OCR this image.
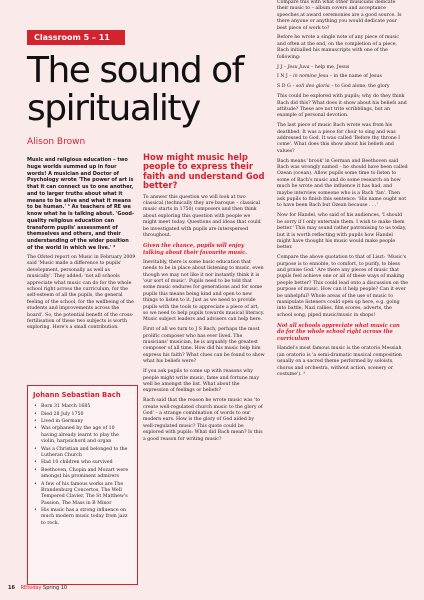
Classroom 5 – 11
The sound of spirituality
Alison Brown

Music and religious education – two huge worlds summed up in four words! A musician and Doctor of Psychology wrote 'The power of art is that it can connect us to one another, and to larger truths about what it means to be alive and what it means to be human.' ¹ As teachers of RE we know what he is talking about. 'Good-quality religious education can transform pupils' assessment of themselves and others, and their understanding of the wider position of the world in which we live.' ²

The Ofsted report on Music in February 2009 said 'Music made a difference to pupils' development, personally as well as musically'. They added: 'not all schools appreciate what music can do for the whole school right across the curriculum, for the self-esteem of all the pupils, the general feeling of the school, for the wellbeing of the students and improvements across the board'. So, the potential benefit of the cross-fertilisation of these two subjects is worth exploring. Here's a small contribution.

Johann Sebastian Bach
• Born 31 March 1685
• Died 28 July 1750
• Lived in Germany
• Was orphaned by the age of 10 having already learnt to play the violin, harpsichord and organ
• Was a Christian and belonged to the Lutheran Church
• Had 10 children who survived
• Beethoven, Chopin and Mozart were amongst his prominent admirers
• A few of his famous works are The Brandenburg Concertos, The Well Tempered Clavier, The St Matthew's Passion, The Mass in B Minor
• His music has a strong influence on much modern music today from jazz to rock.
How might music help people to express their faith and understand God better?

To answer this question we will look at two classical (technically they are baroque – classical music starts in 1750) composers and then think about exploring this question with people we might meet today. Questions and ideas that could be investigated with pupils are interspersed throughout.

Given the chance, pupils will enjoy talking about their favourite music.

Inevitably, there is some basic education that needs to be in place about listening to music, even though we may not like it nor instantly think it is 'our sort of music'. Pupils need to be told that some music endures for generations and for some pupils this means being kind and open to new things to listen to it. Just as we need to provide pupils with the tools to appreciate a piece of art, so we need to help pupils towards musical literacy. Music subject leaders and advisers can help here.

First of all we turn to J S Bach, perhaps the most prolific composer who has ever lived. The musicians' musician, he is arguably the greatest composer of all time. How did his music help him express his faith? What clues can be found to show what his beliefs were?

If you ask pupils to come up with reasons why people might write music, fame and fortune may well be amongst the list. What about the expression of feelings or beliefs?

Bach said that the reason he wrote music was 'to create well-regulated church music to the glory of God' – a strange combination of words to our modern ears. How is the glory of God aided by well-regulated music? This quote could be explored with pupils: What did Bach mean? Is this a good reason for writing music?

Compare this with what other musicians dedicate their music to – album covers and acceptance speeches at award ceremonies are a good source. Is there anyone or anything you would dedicate your best piece of work to?

Before he wrote a single note of any piece of music and often at the end, on the completion of a piece, Bach initialled his manuscripts with one of the following:

J J – Jesu Juva – help me, Jesus

I N J – in nomine Jesu – in the name of Jesus

S D G – soli deo gloria – to God alone, the glory

This could be explored with pupils; why do they think Bach did this? What does it show about his beliefs and attitude? These are not trite scribblings, but an example of personal devotion.

The last piece of music Bach wrote was from his deathbed. It was a piece for choir to sing and was addressed to God. It was called 'Before thy throne I come'. What does this show about his beliefs and values?

Bach means 'brook' in German and Beethoven said Bach was wrongly named – he should have been called Ozean (ocean). Allow pupils some time to listen to some of Bach's music and do some research on how much he wrote and the influence it has had, and maybe interview someone who is a Bach 'fan'. Then ask pupils to finish this sentence: 'His name ought not to have been Bach but Ozean because . . .'

Now for Handel, who said of his audiences, 'I should be sorry if I only entertain them. I wish to make them better.' This may sound rather patronising to us today, but it is worth reflecting with pupils how Handel might have thought his music would make people better.

Compare the above quotation to that of Liszt: 'Music's purpose is to ennoble, to comfort, to purify, to bless and praise God.' Are there any pieces of music that pupils feel achieve one or all of these ways of making people better? This could lead onto a discussion on the purpose of music. How can it help people? Can it ever be unhelpful? Whole areas of the use of music to manipulate listeners could open up here, e.g. going into battle, Nazi rallies, film scores, adverts, the school song, piped music/music in shops!

Not all schools appreciate what music can do for the whole school right across the curriculum

Handel's most famous music is the oratorio Messiah (an oratorio is 'a semi-dramatic musical composition usually on a sacred theme performed by soloists, chorus and orchestra, without action, scenery or costume'). ³

16 REtoday Spring 10
